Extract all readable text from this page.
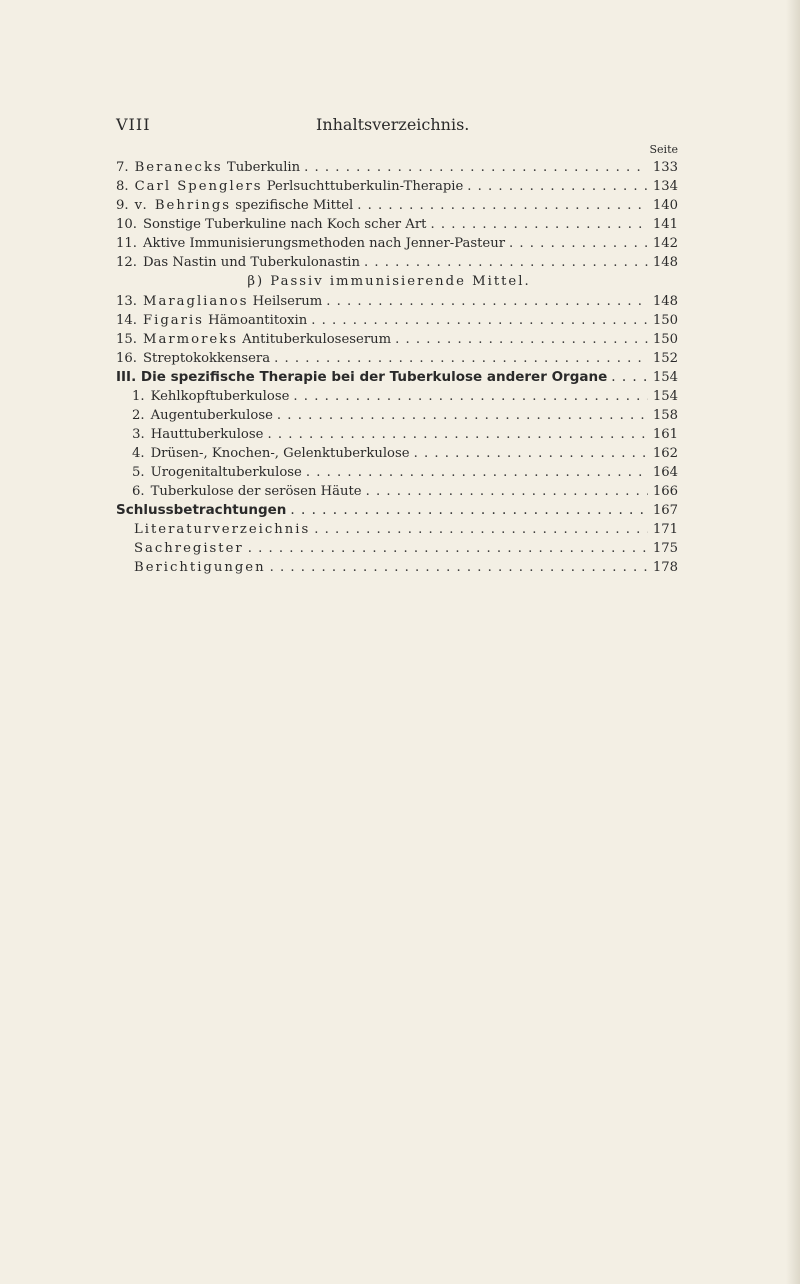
VIII	Inhaltsverzeichnis.
Seite
7. Beranecks Tuberkulin . . .	133
8. Carl Spenglers Perlsuchttuberkulin-Therapie . . .	134
9. v. Behrings spezifische Mittel . . .	140
10. Sonstige Tuberkuline nach Koch scher Art . . .	141
11. Aktive Immunisierungsmethoden nach Jenner-Pasteur . . .	142
12. Das Nastin und Tuberkulonastin . . .	148
β) Passiv immunisierende Mittel.
13. Maraglianos Heilserum . . .	148
14. Figaris Hämoantitoxin . . .	150
15. Marmoreks Antituberkuloseserum . . .	150
16. Streptokokkensera . . .	152
III. Die spezifische Therapie bei der Tuberkulose anderer Organe . . .	154
1. Kehlkopftuberkulose . . .	154
2. Augentuberkulose . . .	158
3. Hauttuberkulose . . .	161
4. Drüsen-, Knochen-, Gelenktuberkulose . . .	162
5. Urogenitaltuberkulose . . .	164
6. Tuberkulose der serösen Häute . . .	166
Schlussbetrachtungen . . .	167
Literaturverzeichnis . . .	171
Sachregister . . .	175
Berichtigungen . . .	178
